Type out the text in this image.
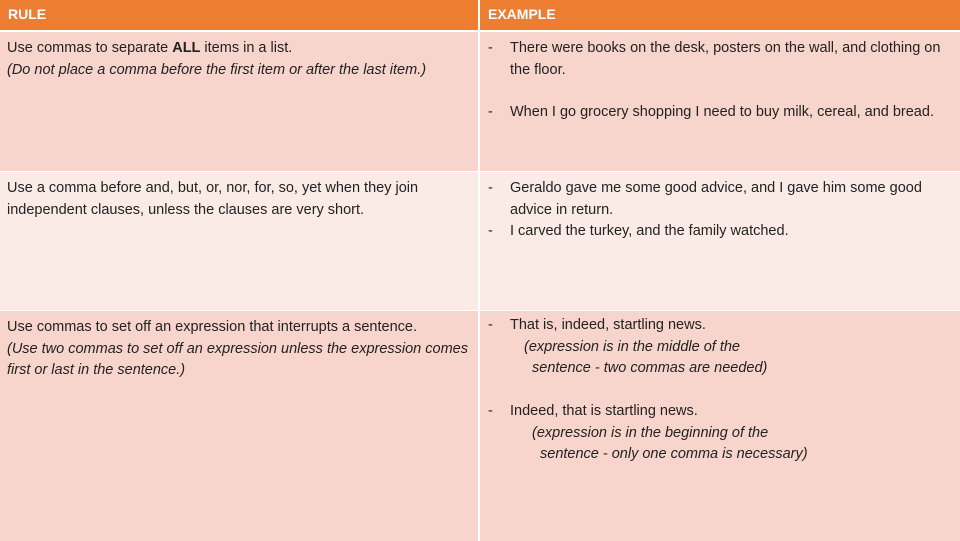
RULE	EXAMPLE
Use commas to separate ALL items in a list.
(Do not place a comma before the first item or after the last item.)
- There were books on the desk, posters on the wall, and clothing on the floor.
- When I go grocery shopping I need to buy milk, cereal, and bread.
Use a comma before and, but, or, nor, for, so, yet when they join independent clauses, unless the clauses are very short.
- Geraldo gave me some good advice, and I gave him some good advice in return.
- I carved the turkey, and the family watched.
Use commas to set off an expression that interrupts a sentence.
(Use two commas to set off an expression unless the expression comes first or last in the sentence.)
- That is, indeed, startling news.
(expression is in the middle of the
sentence - two commas are needed)
- Indeed, that is startling news.
(expression is in the beginning of the
sentence - only one comma is necessary)
